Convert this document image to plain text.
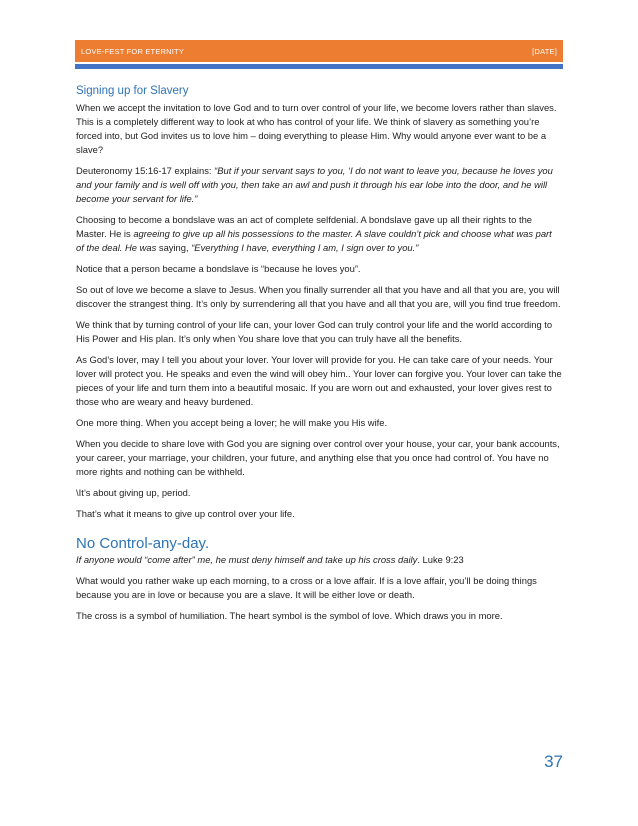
LOVE-FEST FOR ETERNITY	[DATE]
Signing up for Slavery

When we accept the invitation to love God and to turn over control of your life, we become lovers rather than slaves. This is a completely different way to look at who has control of your life. We think of slavery as something you’re forced into, but God invites us to love him – doing everything to please Him. Why would anyone ever want to be a slave?

Deuteronomy 15:16-17 explains: “But if your servant says to you, ‘I do not want to leave you, because he loves you and your family and is well off with you, then take an awl and push it through his ear lobe into the door, and he will become your servant for life.”

Choosing to become a bondslave was an act of complete selfdenial. A bondslave gave up all their rights to the Master. He is agreeing to give up all his possessions to the master. A slave couldn’t pick and choose what was part of the deal. He was saying, “Everything I have, everything I am, I sign over to you.”

Notice that a person became a bondslave is “because he loves you”.

So out of love we become a slave to Jesus. When you finally surrender all that you have and all that you are, you will discover the strangest thing. It’s only by surrendering all that you have and all that you are, will you find true freedom.

We think that by turning control of your life can, your lover God can truly control your life and the world according to His Power and His plan. It’s only when You share love that you can truly have all the benefits.

As God’s lover, may I tell you about your lover. Your lover will provide for you. He can take care of your needs. Your lover will protect you. He speaks and even the wind will obey him.. Your lover can forgive you. Your lover can take the pieces of your life and turn them into a beautiful mosaic. If you are worn out and exhausted, your lover gives rest to those who are weary and heavy burdened.

One more thing. When you accept being a lover; he will make you His wife.

When you decide to share love with God you are signing over control over your house, your car, your bank accounts, your career, your marriage, your children, your future, and anything else that you once had control of. You have no more rights and nothing can be withheld.

\It’s about giving up, period.

That’s what it means to give up control over your life.

No Control-any-day.

If anyone would “come after” me, he must deny himself and take up his cross daily. Luke 9:23

What would you rather wake up each morning, to a cross or a love affair. If is a love affair, you’ll be doing things because you are in love or because you are a slave. It will be either love or death.

The cross is a symbol of humiliation. The heart symbol is the symbol of love. Which draws you in more.

37
